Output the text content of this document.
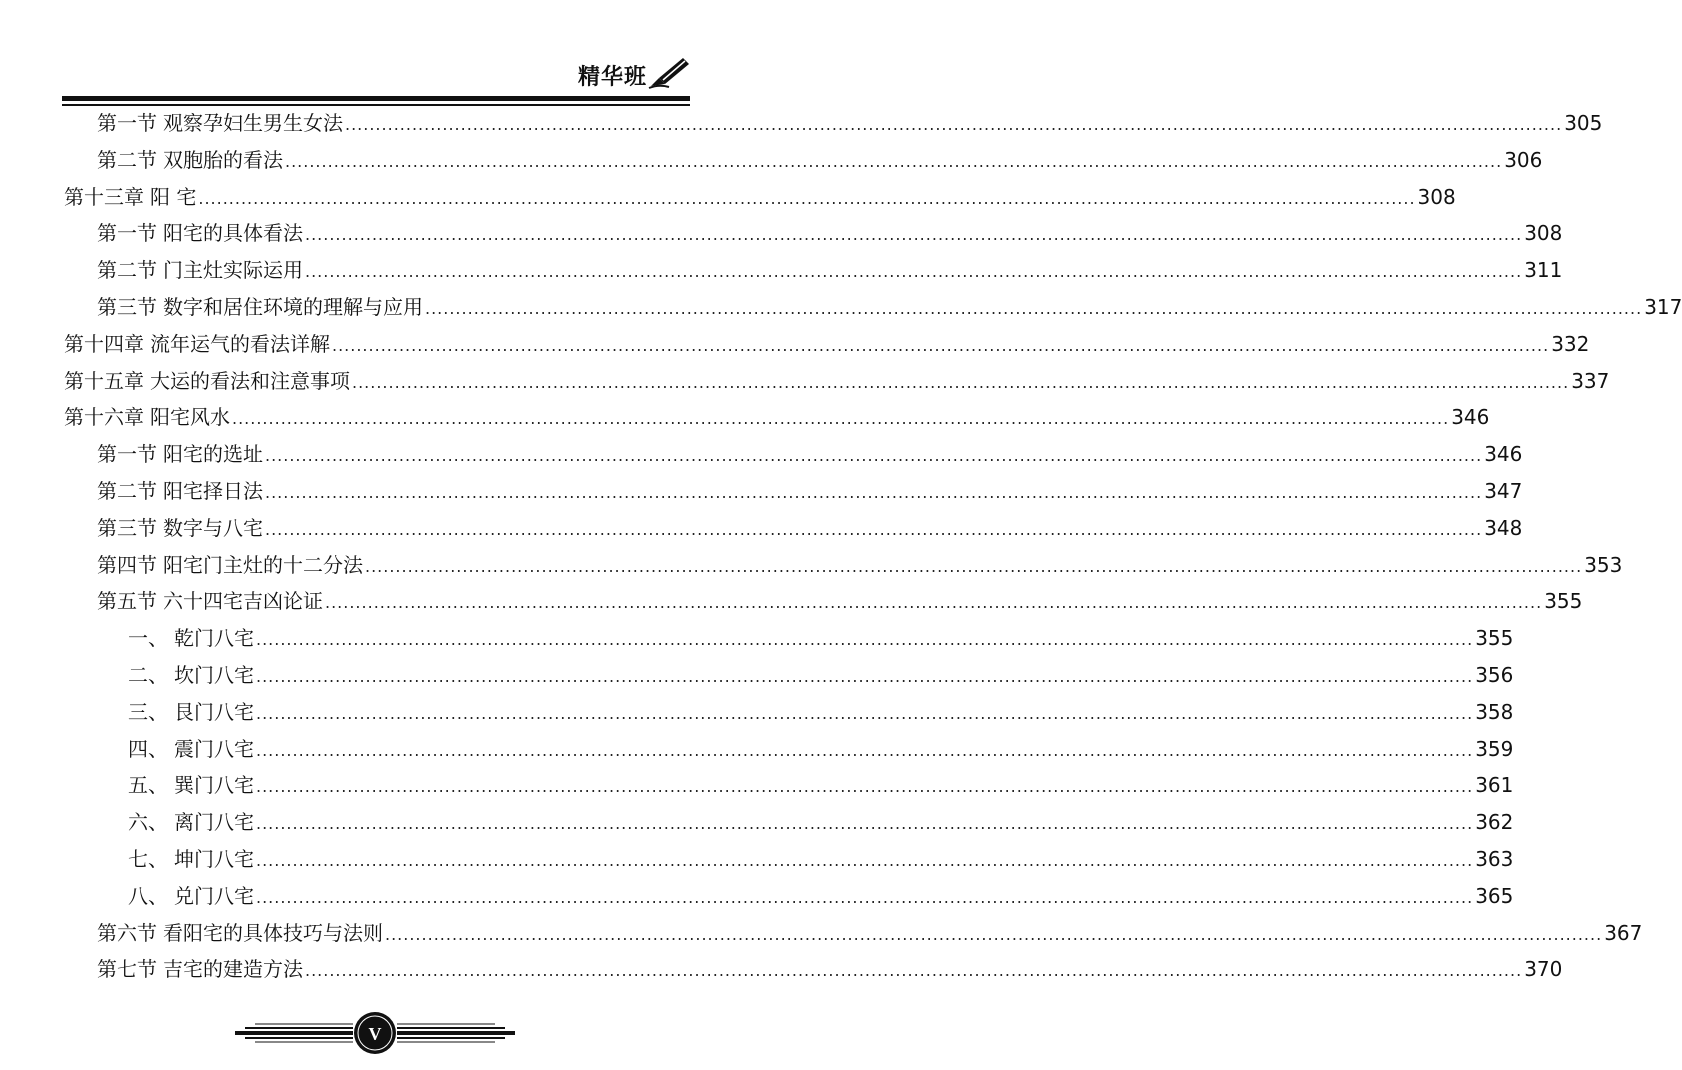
精华班
第一节 观察孕妇生男生女法 ........................................................................................................................................................................................................ 305
第二节 双胞胎的看法 ........................................................................................................................................................................................................ 306
第十三章 阳 宅 ........................................................................................................................................................................................................ 308
第一节 阳宅的具体看法 ........................................................................................................................................................................................................ 308
第二节 门主灶实际运用 ........................................................................................................................................................................................................ 311
第三节 数字和居住环境的理解与应用 ........................................................................................................................................................................................................ 317
第十四章 流年运气的看法详解 ........................................................................................................................................................................................................ 332
第十五章 大运的看法和注意事项 ........................................................................................................................................................................................................ 337
第十六章 阳宅风水 ........................................................................................................................................................................................................ 346
第一节 阳宅的选址 ........................................................................................................................................................................................................ 346
第二节 阳宅择日法 ........................................................................................................................................................................................................ 347
第三节 数字与八宅 ........................................................................................................................................................................................................ 348
第四节 阳宅门主灶的十二分法 ........................................................................................................................................................................................................ 353
第五节 六十四宅吉凶论证 ........................................................................................................................................................................................................ 355
一、 乾门八宅 ........................................................................................................................................................................................................ 355
二、 坎门八宅 ........................................................................................................................................................................................................ 356
三、 艮门八宅 ........................................................................................................................................................................................................ 358
四、 震门八宅 ........................................................................................................................................................................................................ 359
五、 巽门八宅 ........................................................................................................................................................................................................ 361
六、 离门八宅 ........................................................................................................................................................................................................ 362
七、 坤门八宅 ........................................................................................................................................................................................................ 363
八、 兑门八宅 ........................................................................................................................................................................................................ 365
第六节 看阳宅的具体技巧与法则 ........................................................................................................................................................................................................ 367
第七节 吉宅的建造方法 ........................................................................................................................................................................................................ 370
V
